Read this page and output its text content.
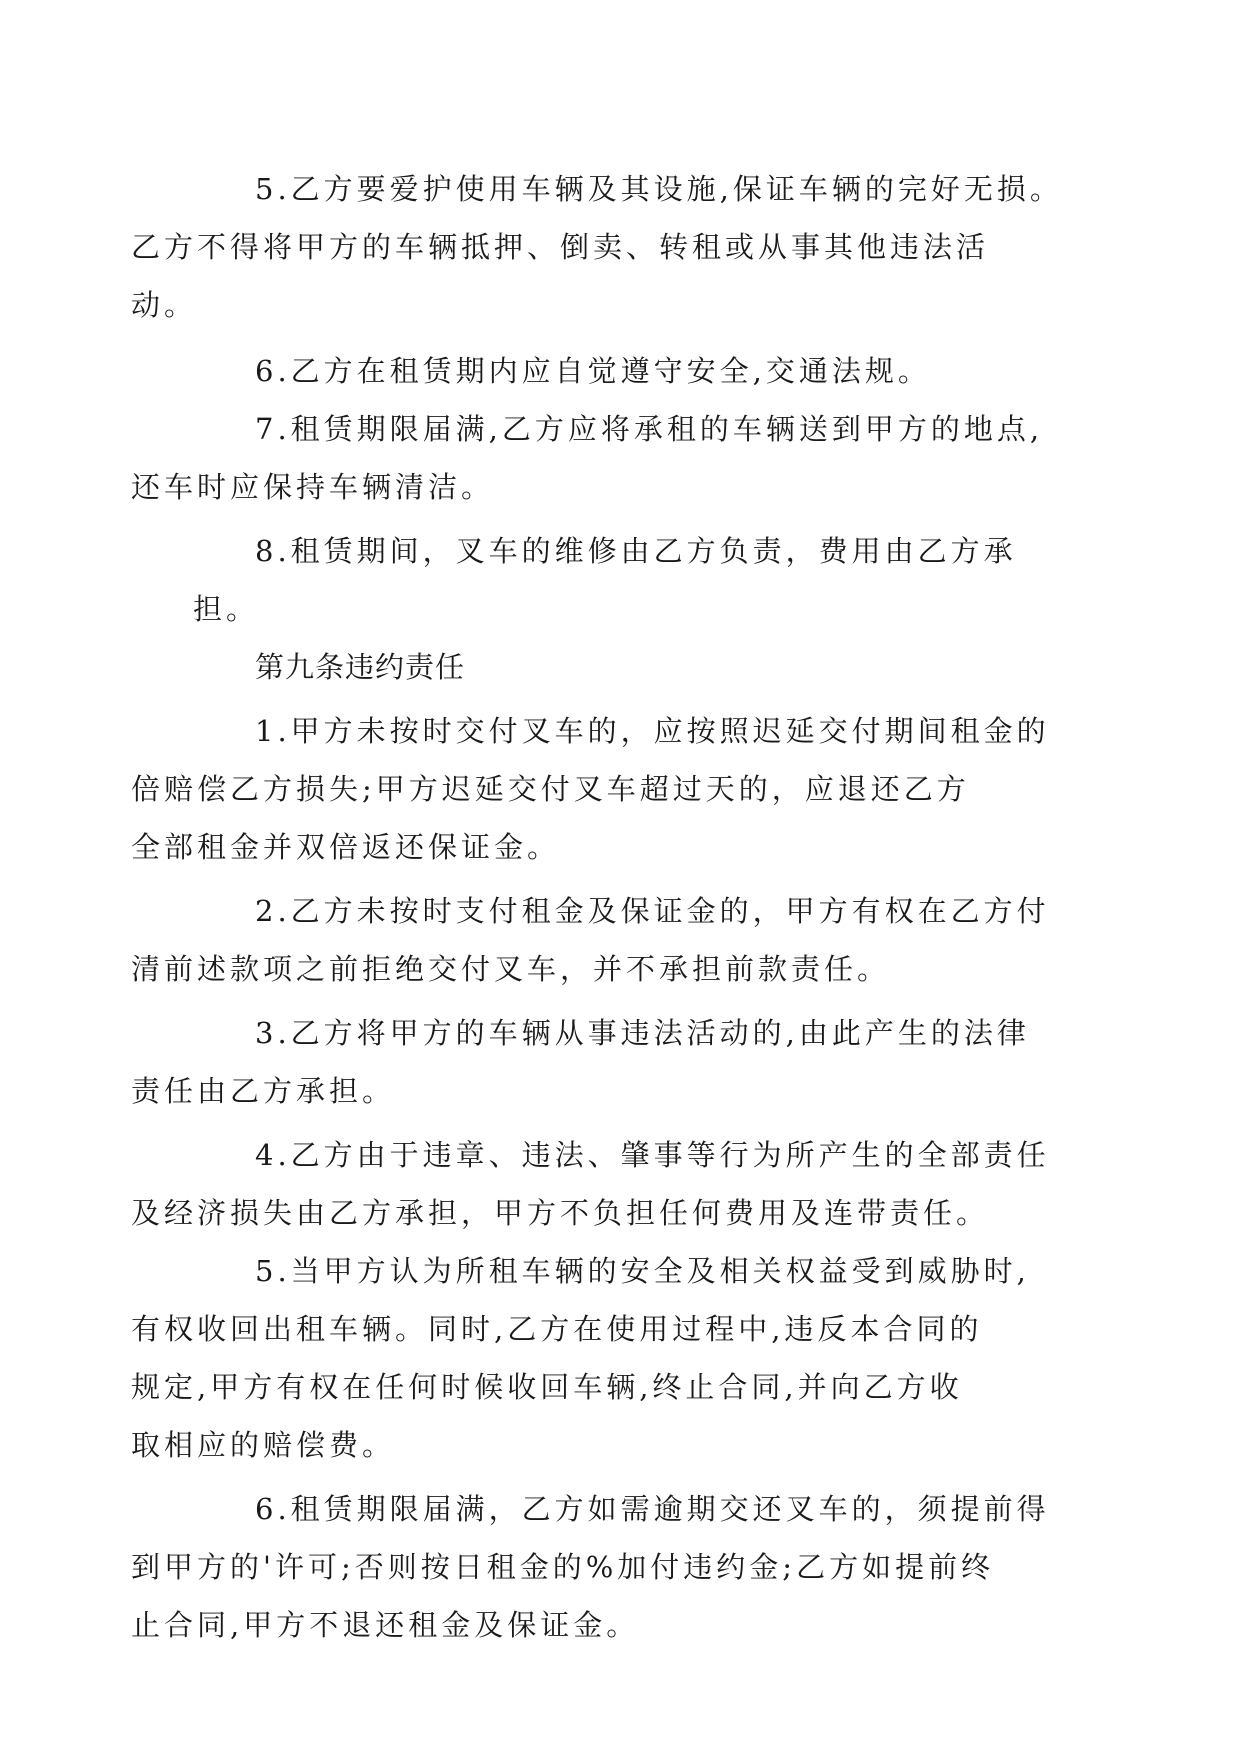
5.乙方要爱护使用车辆及其设施,保证车辆的完好无损。
乙方不得将甲方的车辆抵押、倒卖、转租或从事其他违法活
动。

6.乙方在租赁期内应自觉遵守安全,交通法规。

7.租赁期限届满,乙方应将承租的车辆送到甲方的地点,
还车时应保持车辆清洁。

8.租赁期间，叉车的维修由乙方负责，费用由乙方承担。

第九条违约责任

1.甲方未按时交付叉车的，应按照迟延交付期间租金的
倍赔偿乙方损失;甲方迟延交付叉车超过天的，应退还乙方
全部租金并双倍返还保证金。

2.乙方未按时支付租金及保证金的，甲方有权在乙方付
清前述款项之前拒绝交付叉车，并不承担前款责任。

3.乙方将甲方的车辆从事违法活动的,由此产生的法律
责任由乙方承担。

4.乙方由于违章、违法、肇事等行为所产生的全部责任
及经济损失由乙方承担，甲方不负担任何费用及连带责任。

5.当甲方认为所租车辆的安全及相关权益受到威胁时,
有权收回出租车辆。同时,乙方在使用过程中,违反本合同的
规定,甲方有权在任何时候收回车辆,终止合同,并向乙方收
取相应的赔偿费。

6.租赁期限届满，乙方如需逾期交还叉车的，须提前得
到甲方的'许可;否则按日租金的%加付违约金;乙方如提前终
止合同,甲方不退还租金及保证金。
